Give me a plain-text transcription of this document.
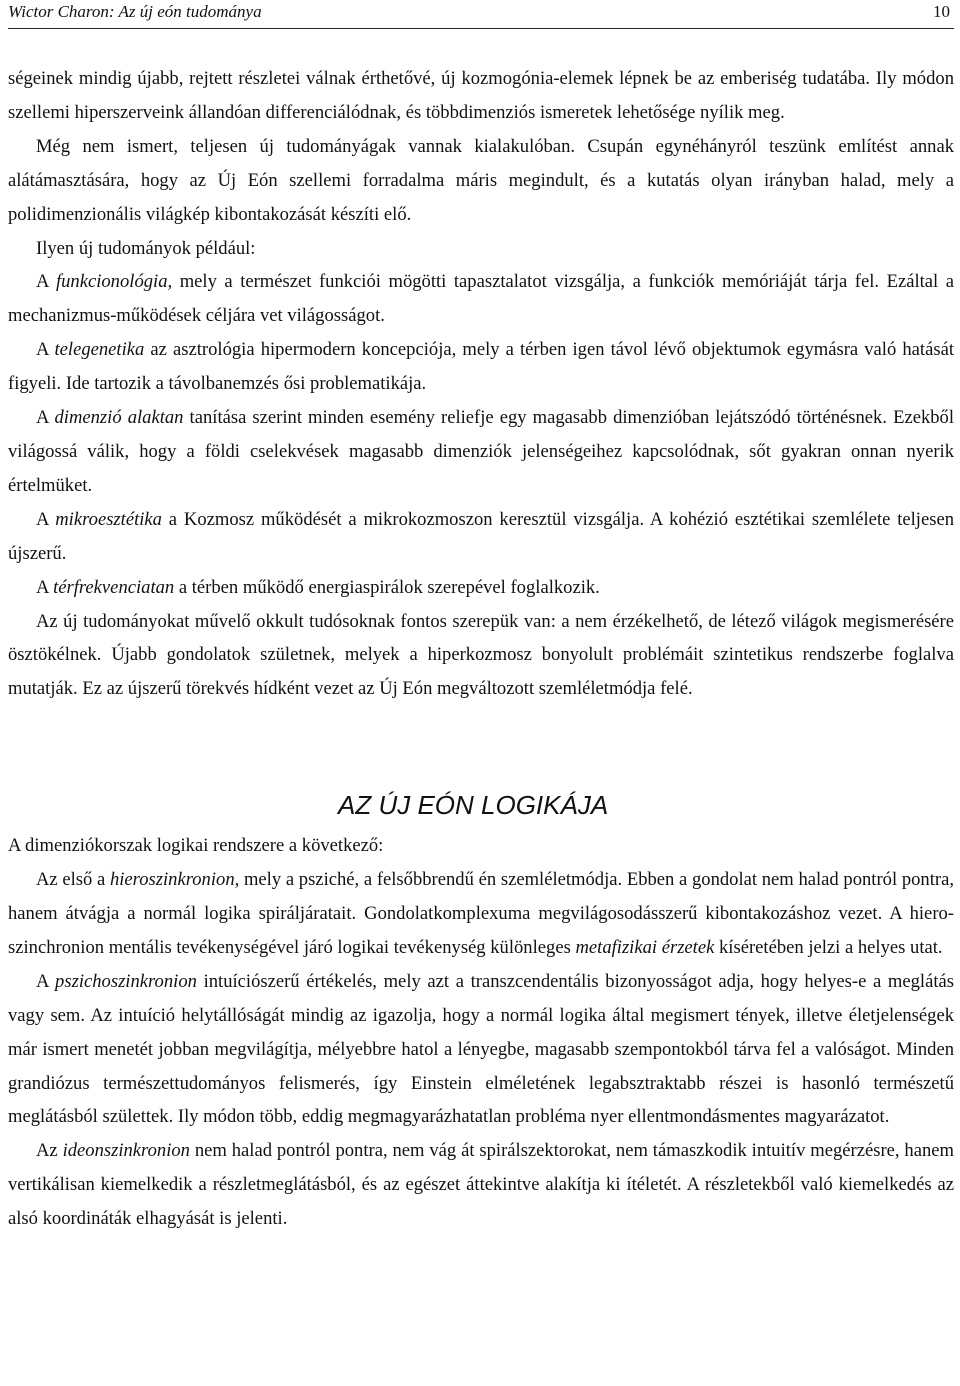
Wictor Charon: Az új eón tudománya	10

ségeinek mindig újabb, rejtett részletei válnak érthetővé, új kozmogónia-elemek lépnek be az emberiség tudatába. Ily módon szellemi hiperszerveink állandóan differenciálódnak, és többdimenziós ismeretek lehetősége nyílik meg.

Még nem ismert, teljesen új tudományágak vannak kialakulóban. Csupán egynéhányról teszünk említést annak alátámasztására, hogy az Új Eón szellemi forradalma máris megindult, és a kutatás olyan irányban halad, mely a polidimenzionális világkép kibontakozását készíti elő.

Ilyen új tudományok például:

A funkcionológia, mely a természet funkciói mögötti tapasztalatot vizsgálja, a funkciók memóriáját tárja fel. Ezáltal a mechanizmus-működések céljára vet világosságot.

A telegenetika az asztrológia hipermodern koncepciója, mely a térben igen távol lévő objektumok egymásra való hatását figyeli. Ide tartozik a távolbanemzés ősi problematikája.

A dimenzió alaktan tanítása szerint minden esemény reliefje egy magasabb dimenzióban lejátszódó történésnek. Ezekből világossá válik, hogy a földi cselekvések magasabb dimenziók jelenségeihez kapcsolódnak, sőt gyakran onnan nyerik értelmüket.

A mikroesztétika a Kozmosz működését a mikrokozmoszon keresztül vizsgálja. A kohézió esztétikai szemlélete teljesen újszerű.

A térfrekvenciatan a térben működő energiaspirálok szerepével foglalkozik.

Az új tudományokat művelő okkult tudósoknak fontos szerepük van: a nem érzékelhető, de létező világok megismerésére ösztökélnek. Újabb gondolatok születnek, melyek a hiperkozmosz bonyolult problémáit szintetikus rendszerbe foglalva mutatják. Ez az újszerű törekvés hídként vezet az Új Eón megváltozott szemléletmódja felé.

AZ ÚJ EÓN LOGIKÁJA

A dimenziókorszak logikai rendszere a következő:

Az első a hieroszinkronion, mely a psziché, a felsőbbrendű én szemléletmódja. Ebben a gondolat nem halad pontról pontra, hanem átvágja a normál logika spiráljáratait. Gondolatkomplexuma megvilágosodásszerű kibontakozáshoz vezet. A hiero-szinchronion mentális tevékenységével járó logikai tevékenység különleges metafizikai érzetek kíséretében jelzi a helyes utat.

A pszichoszinkronion intuíciószerű értékelés, mely azt a transzcendentális bizonyosságot adja, hogy helyes-e a meglátás vagy sem. Az intuíció helytállóságát mindig az igazolja, hogy a normál logika által megismert tények, illetve életjelenségek már ismert menetét jobban megvilágítja, mélyebbre hatol a lényegbe, magasabb szempontokból tárva fel a valóságot. Minden grandiózus természettudományos felismerés, így Einstein elméletének legabsztraktabb részei is hasonló természetű meglátásból születtek. Ily módon több, eddig megmagyarázhatatlan probléma nyer ellentmondásmentes magyarázatot.

Az ideonszinkronion nem halad pontról pontra, nem vág át spirálszektorokat, nem támaszkodik intuitív megérzésre, hanem vertikálisan kiemelkedik a részletmeglátásból, és az egészet áttekintve alakítja ki ítéletét. A részletekből való kiemelkedés az alsó koordináták elhagyását is jelenti.
